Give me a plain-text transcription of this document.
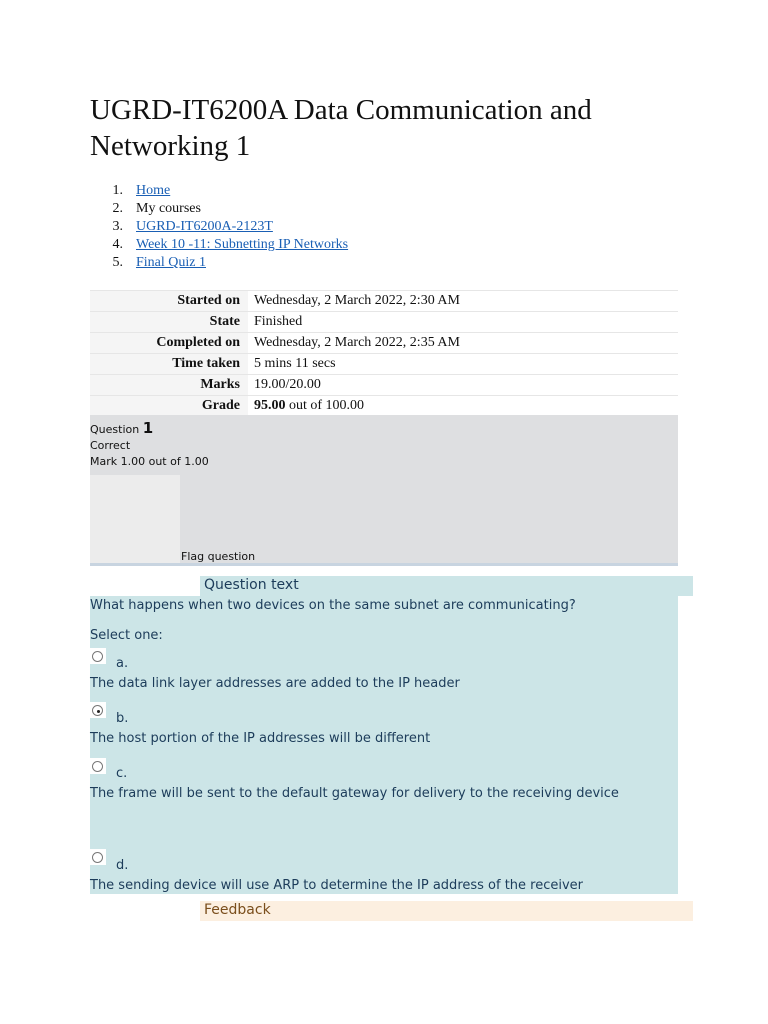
UGRD-IT6200A Data Communication and Networking 1
1. Home
2. My courses
3. UGRD-IT6200A-2123T
4. Week 10 -11: Subnetting IP Networks
5. Final Quiz 1
Started on	Wednesday, 2 March 2022, 2:30 AM
State	Finished
Completed on	Wednesday, 2 March 2022, 2:35 AM
Time taken	5 mins 11 secs
Marks	19.00/20.00
Grade	95.00 out of 100.00
Question 1
Correct
Mark 1.00 out of 1.00
Flag question
Question text
What happens when two devices on the same subnet are communicating?
Select one:
a.
The data link layer addresses are added to the IP header
b.
The host portion of the IP addresses will be different
c.
The frame will be sent to the default gateway for delivery to the receiving device
d.
The sending device will use ARP to determine the IP address of the receiver
Feedback
